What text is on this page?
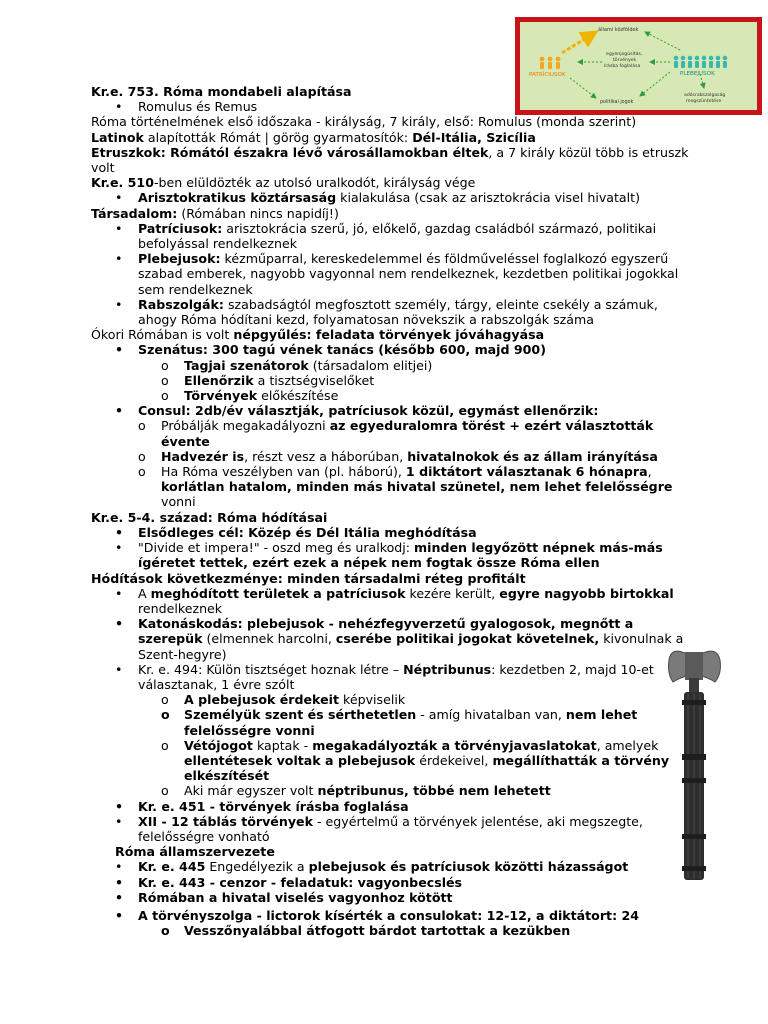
PATRÍCIUSOK	PLEBEJUSOK
állami közföldek
egyenjogúsítás,
törvények
írásba foglalása
politikai jogok
adósrabszolgaság
megszüntetése
Kr.e. 753. Róma mondabeli alapítása
• Romulus és Remus
Róma történelmének első időszaka - királyság, 7 király, első: Romulus (monda szerint)
Latinok alapították Rómát | görög gyarmatosítók: Dél-Itália, Szicília
Etruszkok: Rómától északra lévő városállamokban éltek, a 7 király közül több is etruszk
volt
Kr.e. 510-ben elüldözték az utolsó uralkodót, királyság vége
• Arisztokratikus köztársaság kialakulása (csak az arisztokrácia visel hivatalt)
Társadalom: (Rómában nincs napidíj!)
• Patríciusok: arisztokrácia szerű, jó, előkelő, gazdag családból származó, politikai
befolyással rendelkeznek
• Plebejusok: kézműparral, kereskedelemmel és földműveléssel foglalkozó egyszerű
szabad emberek, nagyobb vagyonnal nem rendelkeznek, kezdetben politikai jogokkal
sem rendelkeznek
• Rabszolgák: szabadságtól megfosztott személy, tárgy, eleinte csekély a számuk,
ahogy Róma hódítani kezd, folyamatosan növekszik a rabszolgák száma
Ókori Rómában is volt népgyűlés: feladata törvények jóváhagyása
• Szenátus: 300 tagú vének tanács (később 600, majd 900)
o Tagjai szenátorok (társadalom elitjei)
o Ellenőrzik a tisztségviselőket
o Törvények előkészítése
• Consul: 2db/év választják, patríciusok közül, egymást ellenőrzik:
o Próbálják megakadályozni az egyeduralomra törést + ezért választották
évente
o Hadvezér is, részt vesz a háborúban, hivatalnokok és az állam irányítása
o Ha Róma veszélyben van (pl. háború), 1 diktátort választanak 6 hónapra,
korlátlan hatalom, minden más hivatal szünetel, nem lehet felelősségre
vonni
Kr.e. 5-4. század: Róma hódításai
• Elsődleges cél: Közép és Dél Itália meghódítása
• "Divide et impera!" - oszd meg és uralkodj: minden legyőzött népnek más-más
ígéretet tettek, ezért ezek a népek nem fogtak össze Róma ellen
Hódítások következménye: minden társadalmi réteg profitált
• A meghódított területek a patríciusok kezére került, egyre nagyobb birtokkal
rendelkeznek
• Katonáskodás: plebejusok - nehézfegyverzetű gyalogosok, megnőtt a
szerepük (elmennek harcolni, cserébe politikai jogokat követelnek, kivonulnak a
Szent-hegyre)
• Kr. e. 494: Külön tisztséget hoznak létre – Néptribunus: kezdetben 2, majd 10-et
választanak, 1 évre szólt
o A plebejusok érdekeit képviselik
o Személyük szent és sérthetetlen - amíg hivatalban van, nem lehet
felelősségre vonni
o Vétójogot kaptak - megakadályozták a törvényjavaslatokat, amelyek
ellentétesek voltak a plebejusok érdekeivel, megállíthatták a törvény
elkészítését
o Aki már egyszer volt néptribunus, többé nem lehetett
• Kr. e. 451 - törvények írásba foglalása
• XII - 12 táblás törvények - egyértelmű a törvények jelentése, aki megszegte,
felelősségre vonható
Róma államszervezete
• Kr. e. 445 Engedélyezik a plebejusok és patríciusok közötti házasságot
• Kr. e. 443 - cenzor - feladatuk: vagyonbecslés
• Rómában a hivatal viselés vagyonhoz kötött
• A törvényszolga - lictorok kísérték a consulokat: 12-12, a diktátort: 24
o Vesszőnyalábbal átfogott bárdot tartottak a kezükben
